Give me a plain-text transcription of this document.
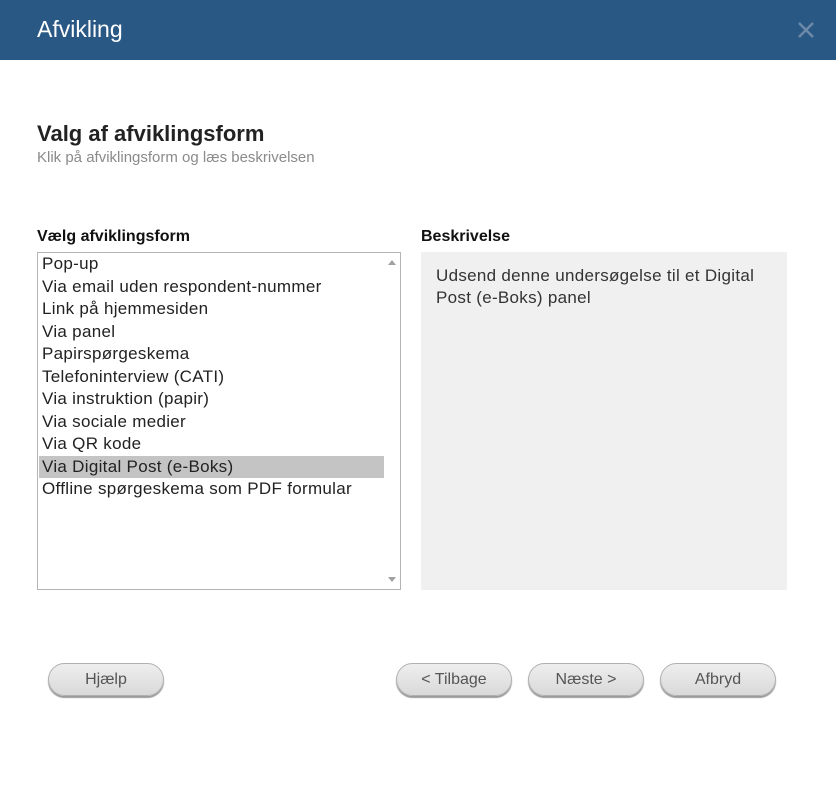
Afvikling
Valg af afviklingsform
Klik på afviklingsform og læs beskrivelsen
Vælg afviklingsform	Beskrivelse
Pop-up
Via email uden respondent-nummer
Link på hjemmesiden
Via panel
Papirspørgeskema
Telefoninterview (CATI)
Via instruktion (papir)
Via sociale medier
Via QR kode
Via Digital Post (e-Boks)
Offline spørgeskema som PDF formular
Udsend denne undersøgelse til et Digital Post (e-Boks) panel
Hjælp	< Tilbage	Næste >	Afbryd
